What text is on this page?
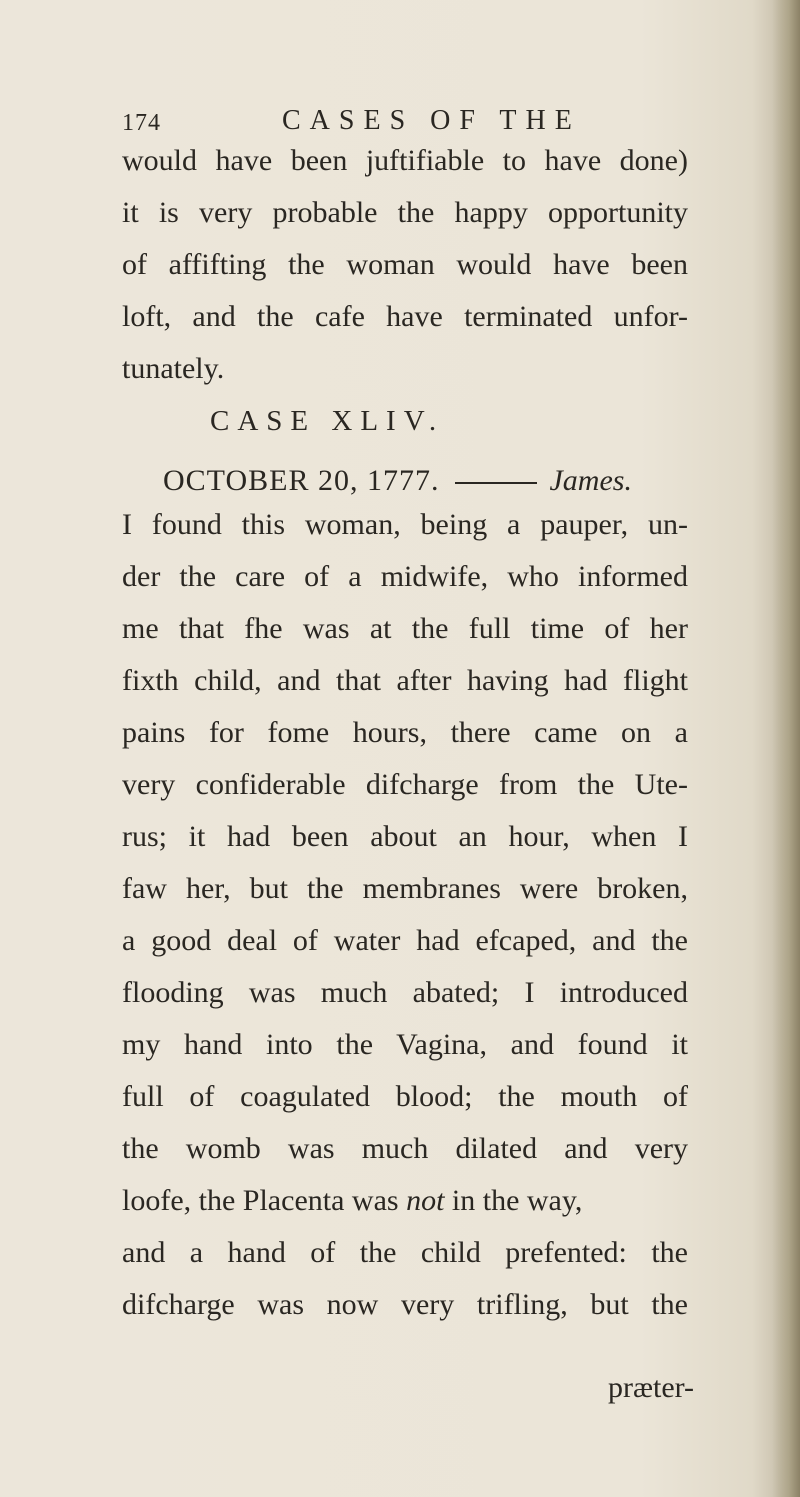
174	CASES OF THE
would have been juftifiable to have done)
it is very probable the happy opportunity
of affifting the woman would have been
loft, and the cafe have terminated unfor-
tunately.
CASE XLIV.
OCTOBER 20, 1777.	James.
I found this woman, being a pauper, un-
der the care of a midwife, who informed
me that fhe was at the full time of her
fixth child, and that after having had flight
pains for fome hours, there came on a
very confiderable difcharge from the Ute-
rus; it had been about an hour, when I
faw her, but the membranes were broken,
a good deal of water had efcaped, and the
flooding was much abated; I introduced
my hand into the Vagina, and found it
full of coagulated blood; the mouth of
the womb was much dilated and very
loofe, the Placenta was not in the way,
and a hand of the child prefented: the
difcharge was now very trifling, but the
præter-
